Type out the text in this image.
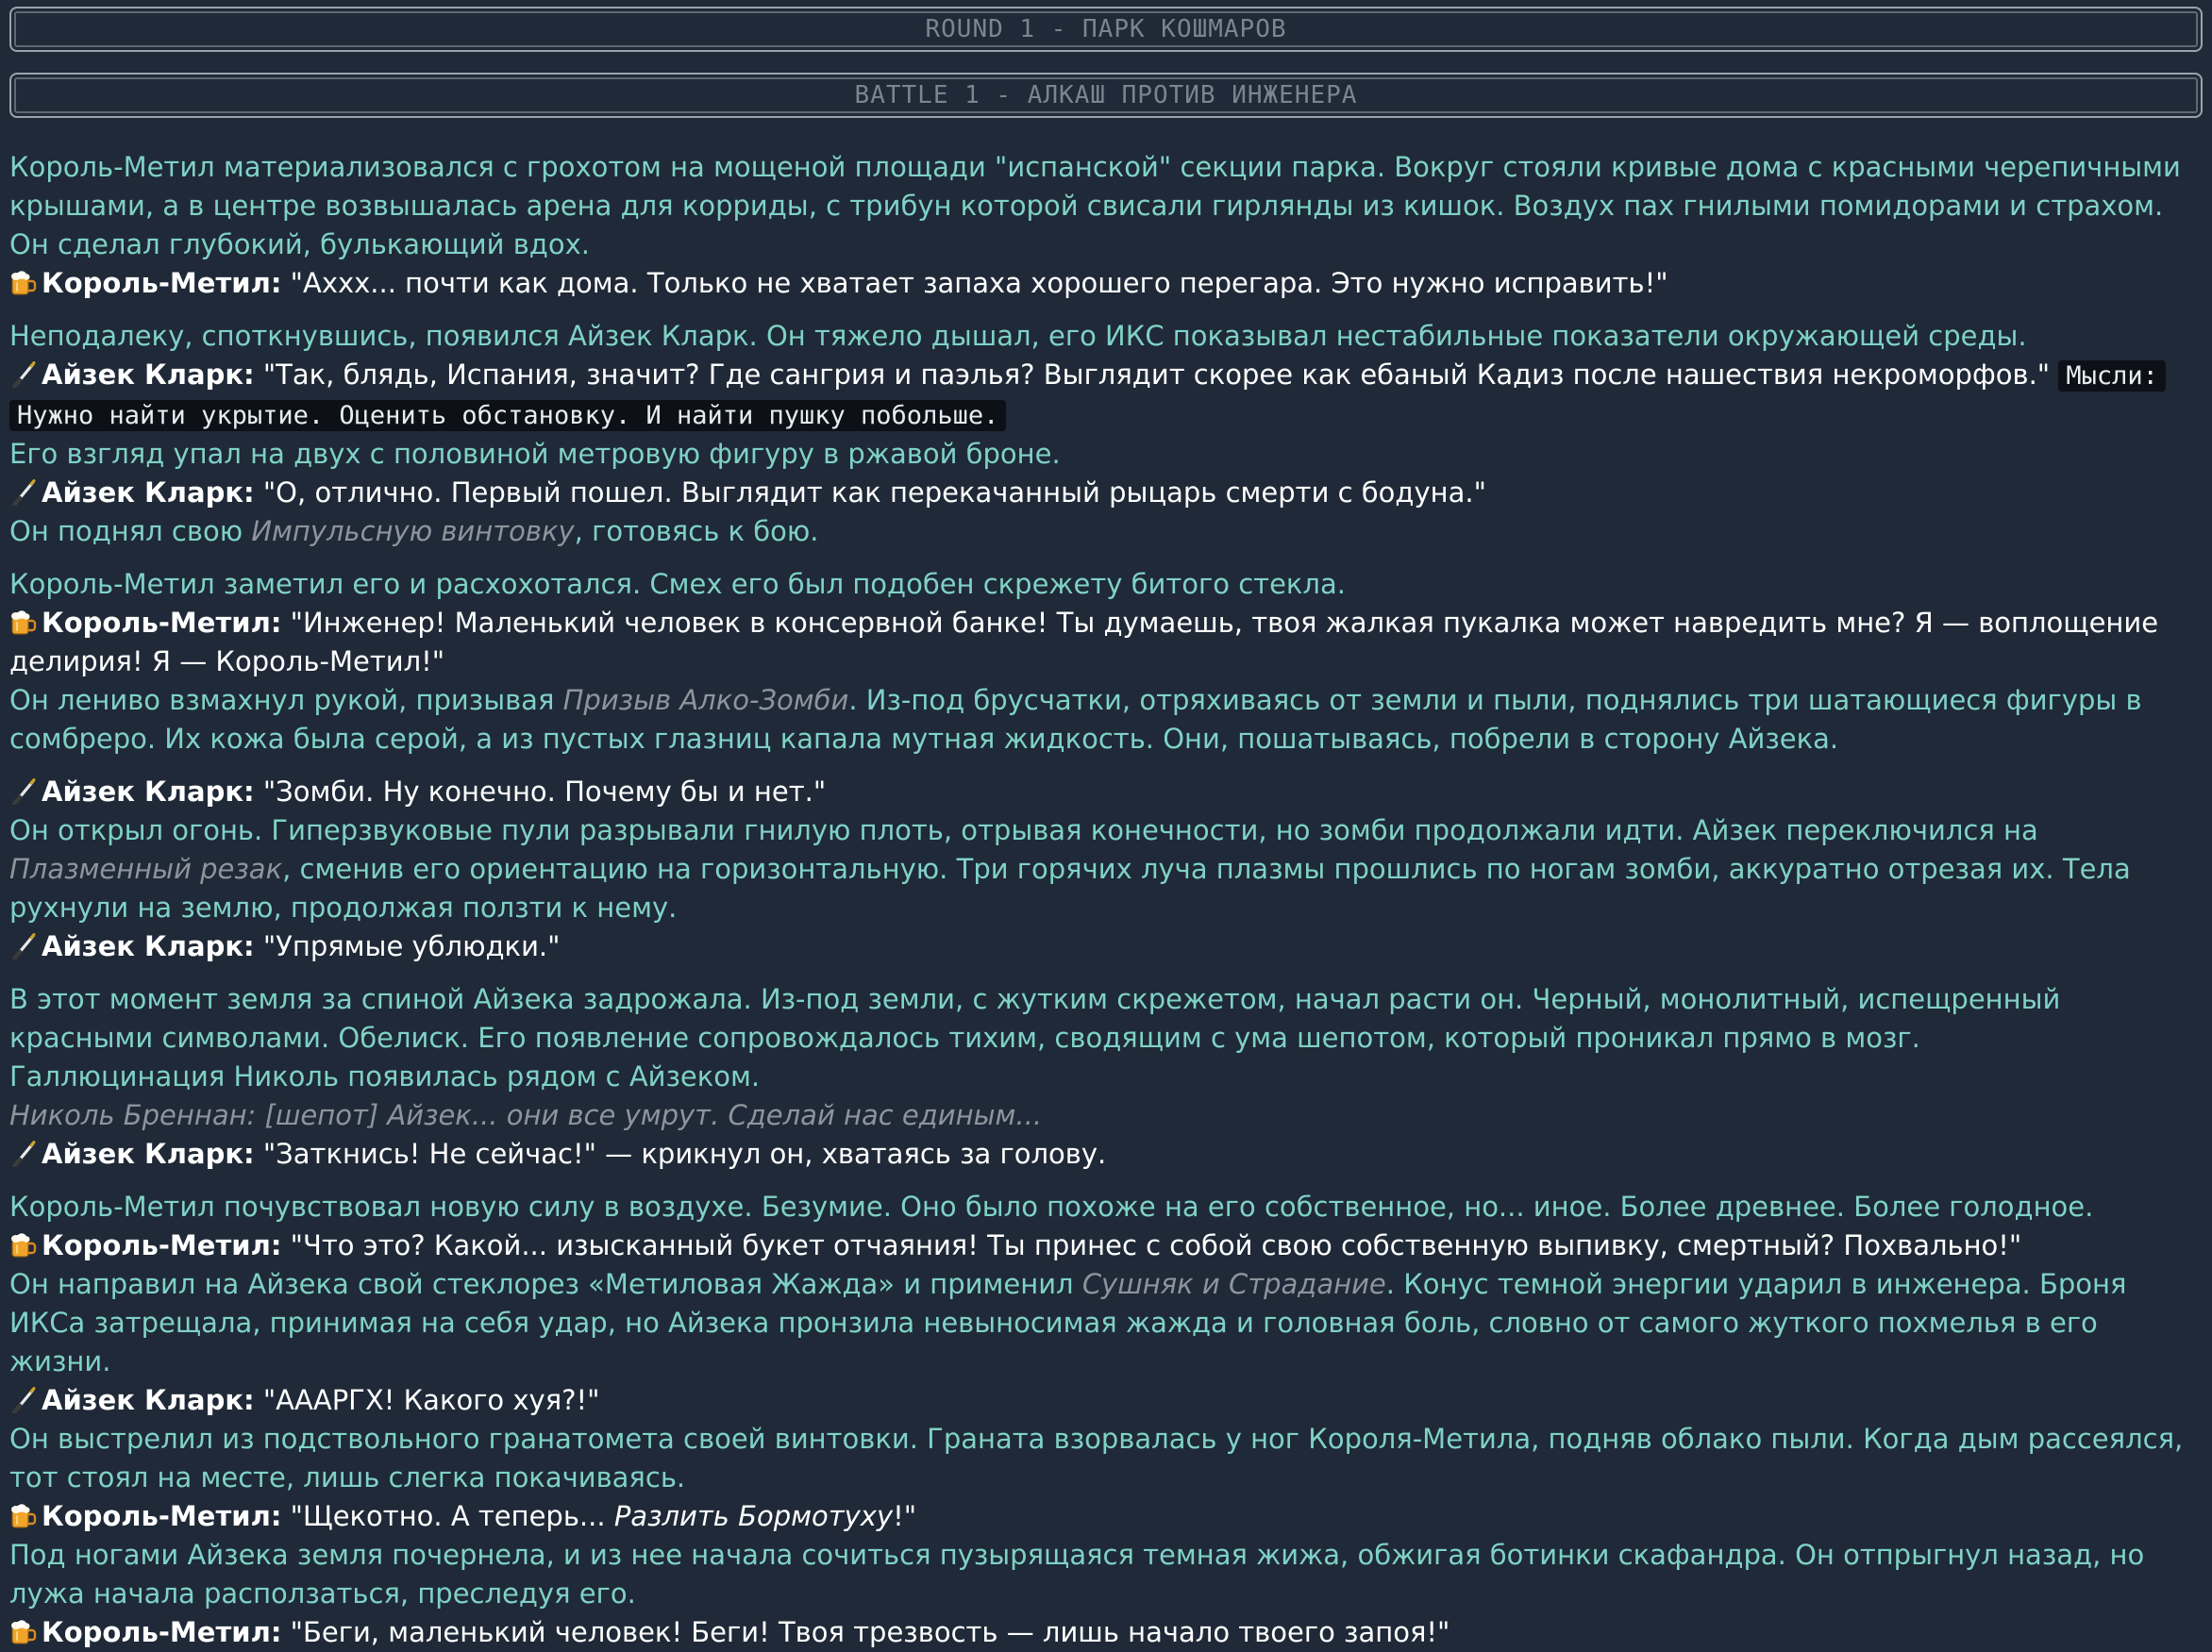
ROUND 1 - ПАРК КОШМАРОВ
BATTLE 1 - АЛКАШ ПРОТИВ ИНЖЕНЕРА

Король-Метил материализовался с грохотом на мощеной площади "испанской" секции парка. Вокруг стояли кривые дома с красными черепичными крышами, а в центре возвышалась арена для корриды, с трибун которой свисали гирлянды из кишок. Воздух пах гнилыми помидорами и страхом. Он сделал глубокий, булькающий вдох.

Король-Метил: "Аххх... почти как дома. Только не хватает запаха хорошего перегара. Это нужно исправить!"

Неподалеку, споткнувшись, появился Айзек Кларк. Он тяжело дышал, его ИКС показывал нестабильные показатели окружающей среды.

Айзек Кларк: "Так, блядь, Испания, значит? Где сангрия и паэлья? Выглядит скорее как ебаный Кадиз после нашествия некроморфов." Мысли: Нужно найти укрытие. Оценить обстановку. И найти пушку побольше.

Его взгляд упал на двух с половиной метровую фигуру в ржавой броне.

Айзек Кларк: "О, отлично. Первый пошел. Выглядит как перекачанный рыцарь смерти с бодуна."

Он поднял свою Импульсную винтовку, готовясь к бою.

Король-Метил заметил его и расхохотался. Смех его был подобен скрежету битого стекла.

Король-Метил: "Инженер! Маленький человек в консервной банке! Ты думаешь, твоя жалкая пукалка может навредить мне? Я — воплощение делирия! Я — Король-Метил!"

Он лениво взмахнул рукой, призывая Призыв Алко-Зомби. Из-под брусчатки, отряхиваясь от земли и пыли, поднялись три шатающиеся фигуры в сомбреро. Их кожа была серой, а из пустых глазниц капала мутная жидкость. Они, пошатываясь, побрели в сторону Айзека.

Айзек Кларк: "Зомби. Ну конечно. Почему бы и нет."

Он открыл огонь. Гиперзвуковые пули разрывали гнилую плоть, отрывая конечности, но зомби продолжали идти. Айзек переключился на Плазменный резак, сменив его ориентацию на горизонтальную. Три горячих луча плазмы прошлись по ногам зомби, аккуратно отрезая их. Тела рухнули на землю, продолжая ползти к нему.

Айзек Кларк: "Упрямые ублюдки."

В этот момент земля за спиной Айзека задрожала. Из-под земли, с жутким скрежетом, начал расти он. Черный, монолитный, испещренный красными символами. Обелиск. Его появление сопровождалось тихим, сводящим с ума шепотом, который проникал прямо в мозг.

Галлюцинация Николь появилась рядом с Айзеком.

Николь Бреннан: [шепот] Айзек... они все умрут. Сделай нас единым...

Айзек Кларк: "Заткнись! Не сейчас!" — крикнул он, хватаясь за голову.

Король-Метил почувствовал новую силу в воздухе. Безумие. Оно было похоже на его собственное, но... иное. Более древнее. Более голодное.

Король-Метил: "Что это? Какой... изысканный букет отчаяния! Ты принес с собой свою собственную выпивку, смертный? Похвально!"

Он направил на Айзека свой стеклорез «Метиловая Жажда» и применил Сушняк и Страдание. Конус темной энергии ударил в инженера. Броня ИКСа затрещала, принимая на себя удар, но Айзека пронзила невыносимая жажда и головная боль, словно от самого жуткого похмелья в его жизни.

Айзек Кларк: "ААAРГХ! Какого хуя?!"

Он выстрелил из подствольного гранатомета своей винтовки. Граната взорвалась у ног Короля-Метила, подняв облако пыли. Когда дым рассеялся, тот стоял на месте, лишь слегка покачиваясь.

Король-Метил: "Щекотно. А теперь... Разлить Бормотуху!"

Под ногами Айзека земля почернела, и из нее начала сочиться пузырящаяся темная жижа, обжигая ботинки скафандра. Он отпрыгнул назад, но лужа начала расползаться, преследуя его.

Король-Метил: "Беги, маленький человек! Беги! Твоя трезвость — лишь начало твоего запоя!"
